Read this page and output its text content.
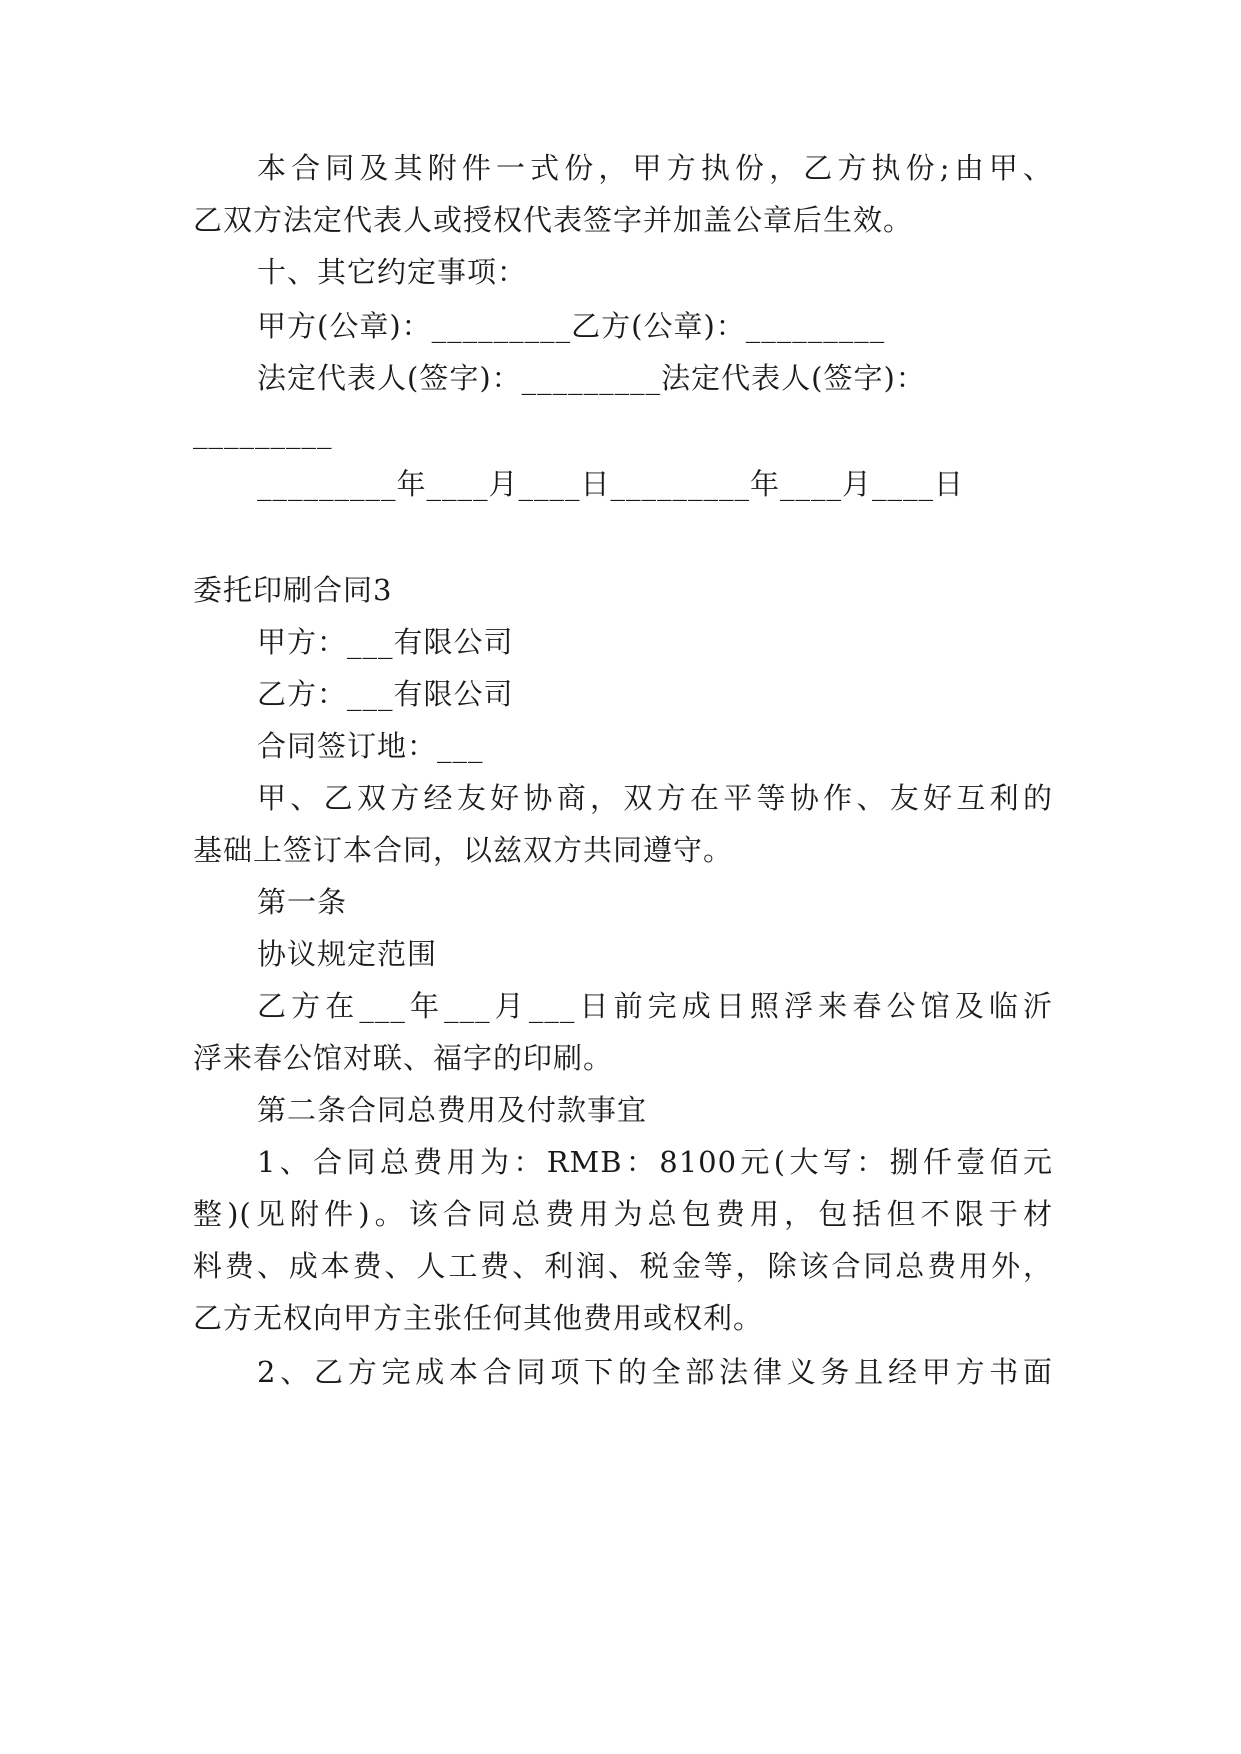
本合同及其附件一式份，甲方执份，乙方执份;由甲、
乙双方法定代表人或授权代表签字并加盖公章后生效。
十、其它约定事项：
甲方(公章)：_________乙方(公章)：_________
法定代表人(签字)：_________法定代表人(签字)：
_________
_________年____月____日_________年____月____日
委托印刷合同3
甲方：___有限公司
乙方：___有限公司
合同签订地：___
甲、乙双方经友好协商，双方在平等协作、友好互利的
基础上签订本合同，以兹双方共同遵守。
第一条
协议规定范围
乙方在___年___月___日前完成日照浮来春公馆及临沂
浮来春公馆对联、福字的印刷。
第二条合同总费用及付款事宜
1、合同总费用为：RMB：8100元(大写：捌仟壹佰元
整)(见附件)。该合同总费用为总包费用，包括但不限于材
料费、成本费、人工费、利润、税金等，除该合同总费用外，
乙方无权向甲方主张任何其他费用或权利。
2、乙方完成本合同项下的全部法律义务且经甲方书面
